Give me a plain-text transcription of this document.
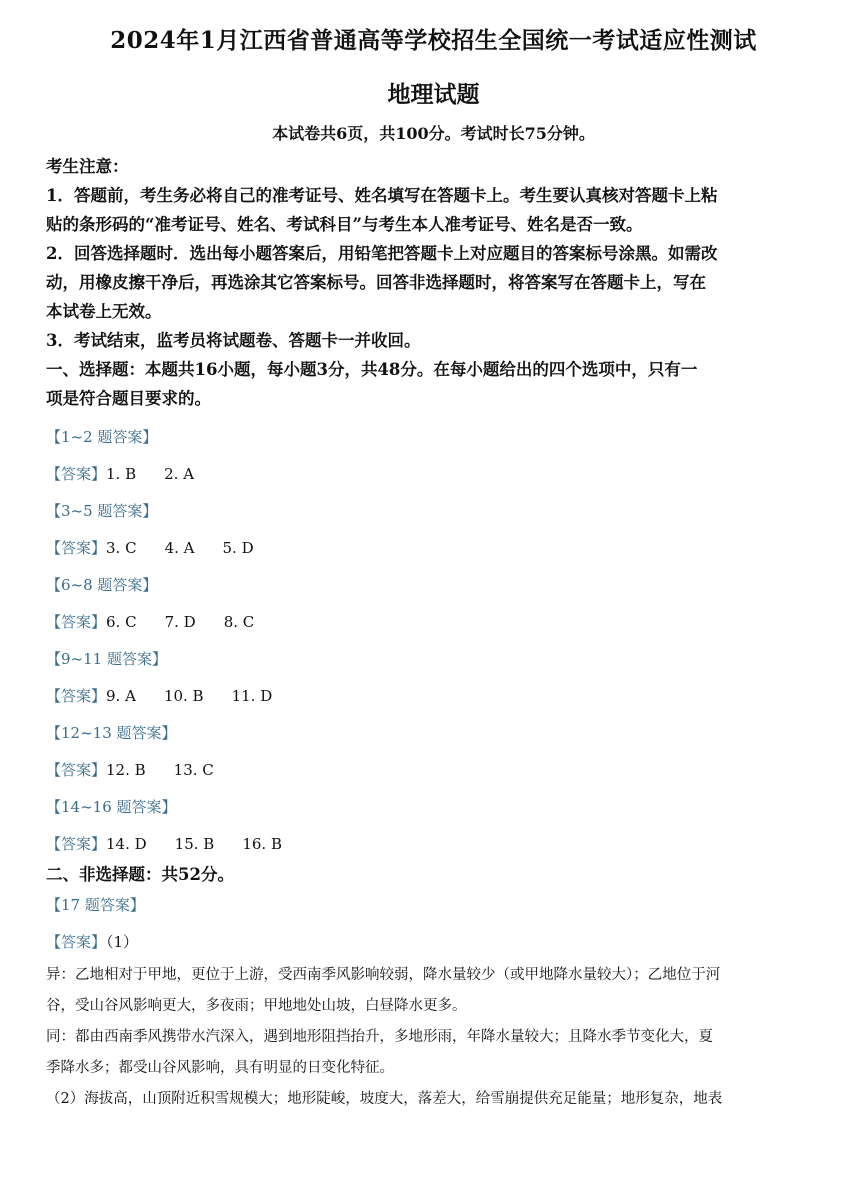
2024年1月江西省普通高等学校招生全国统一考试适应性测试
地理试题

本试卷共6页，共100分。考试时长75分钟。

考生注意：

1．答题前，考生务必将自己的准考证号、姓名填写在答题卡上。考生要认真核对答题卡上粘

贴的条形码的“准考证号、姓名、考试科目”与考生本人准考证号、姓名是否一致。

2．回答选择题时．选出每小题答案后，用铅笔把答题卡上对应题目的答案标号涂黑。如需改

动，用橡皮擦干净后，再选涂其它答案标号。回答非选择题时，将答案写在答题卡上，写在

本试卷上无效。

3．考试结束，监考员将试题卷、答题卡一并收回。

一、选择题：本题共16小题，每小题3分，共48分。在每小题给出的四个选项中，只有一

项是符合题目要求的。

【1~2 题答案】

【答案】1. B 2. A

【3~5 题答案】

【答案】3. C 4. A 5. D

【6~8 题答案】

【答案】6. C 7. D 8. C

【9~11 题答案】

【答案】9. A 10. B 11. D

【12~13 题答案】

【答案】12. B 13. C

【14~16 题答案】

【答案】14. D 15. B 16. B

二、非选择题：共52分。

【17 题答案】

【答案】（1）

异：乙地相对于甲地，更位于上游，受西南季风影响较弱，降水量较少（或甲地降水量较大）；乙地位于河

谷，受山谷风影响更大，多夜雨；甲地地处山坡，白昼降水更多。

同：都由西南季风携带水汽深入，遇到地形阻挡抬升，多地形雨，年降水量较大；且降水季节变化大，夏

季降水多；都受山谷风影响，具有明显的日变化特征。

（2）海拔高，山顶附近积雪规模大；地形陡峻，坡度大，落差大，给雪崩提供充足能量；地形复杂，地表
